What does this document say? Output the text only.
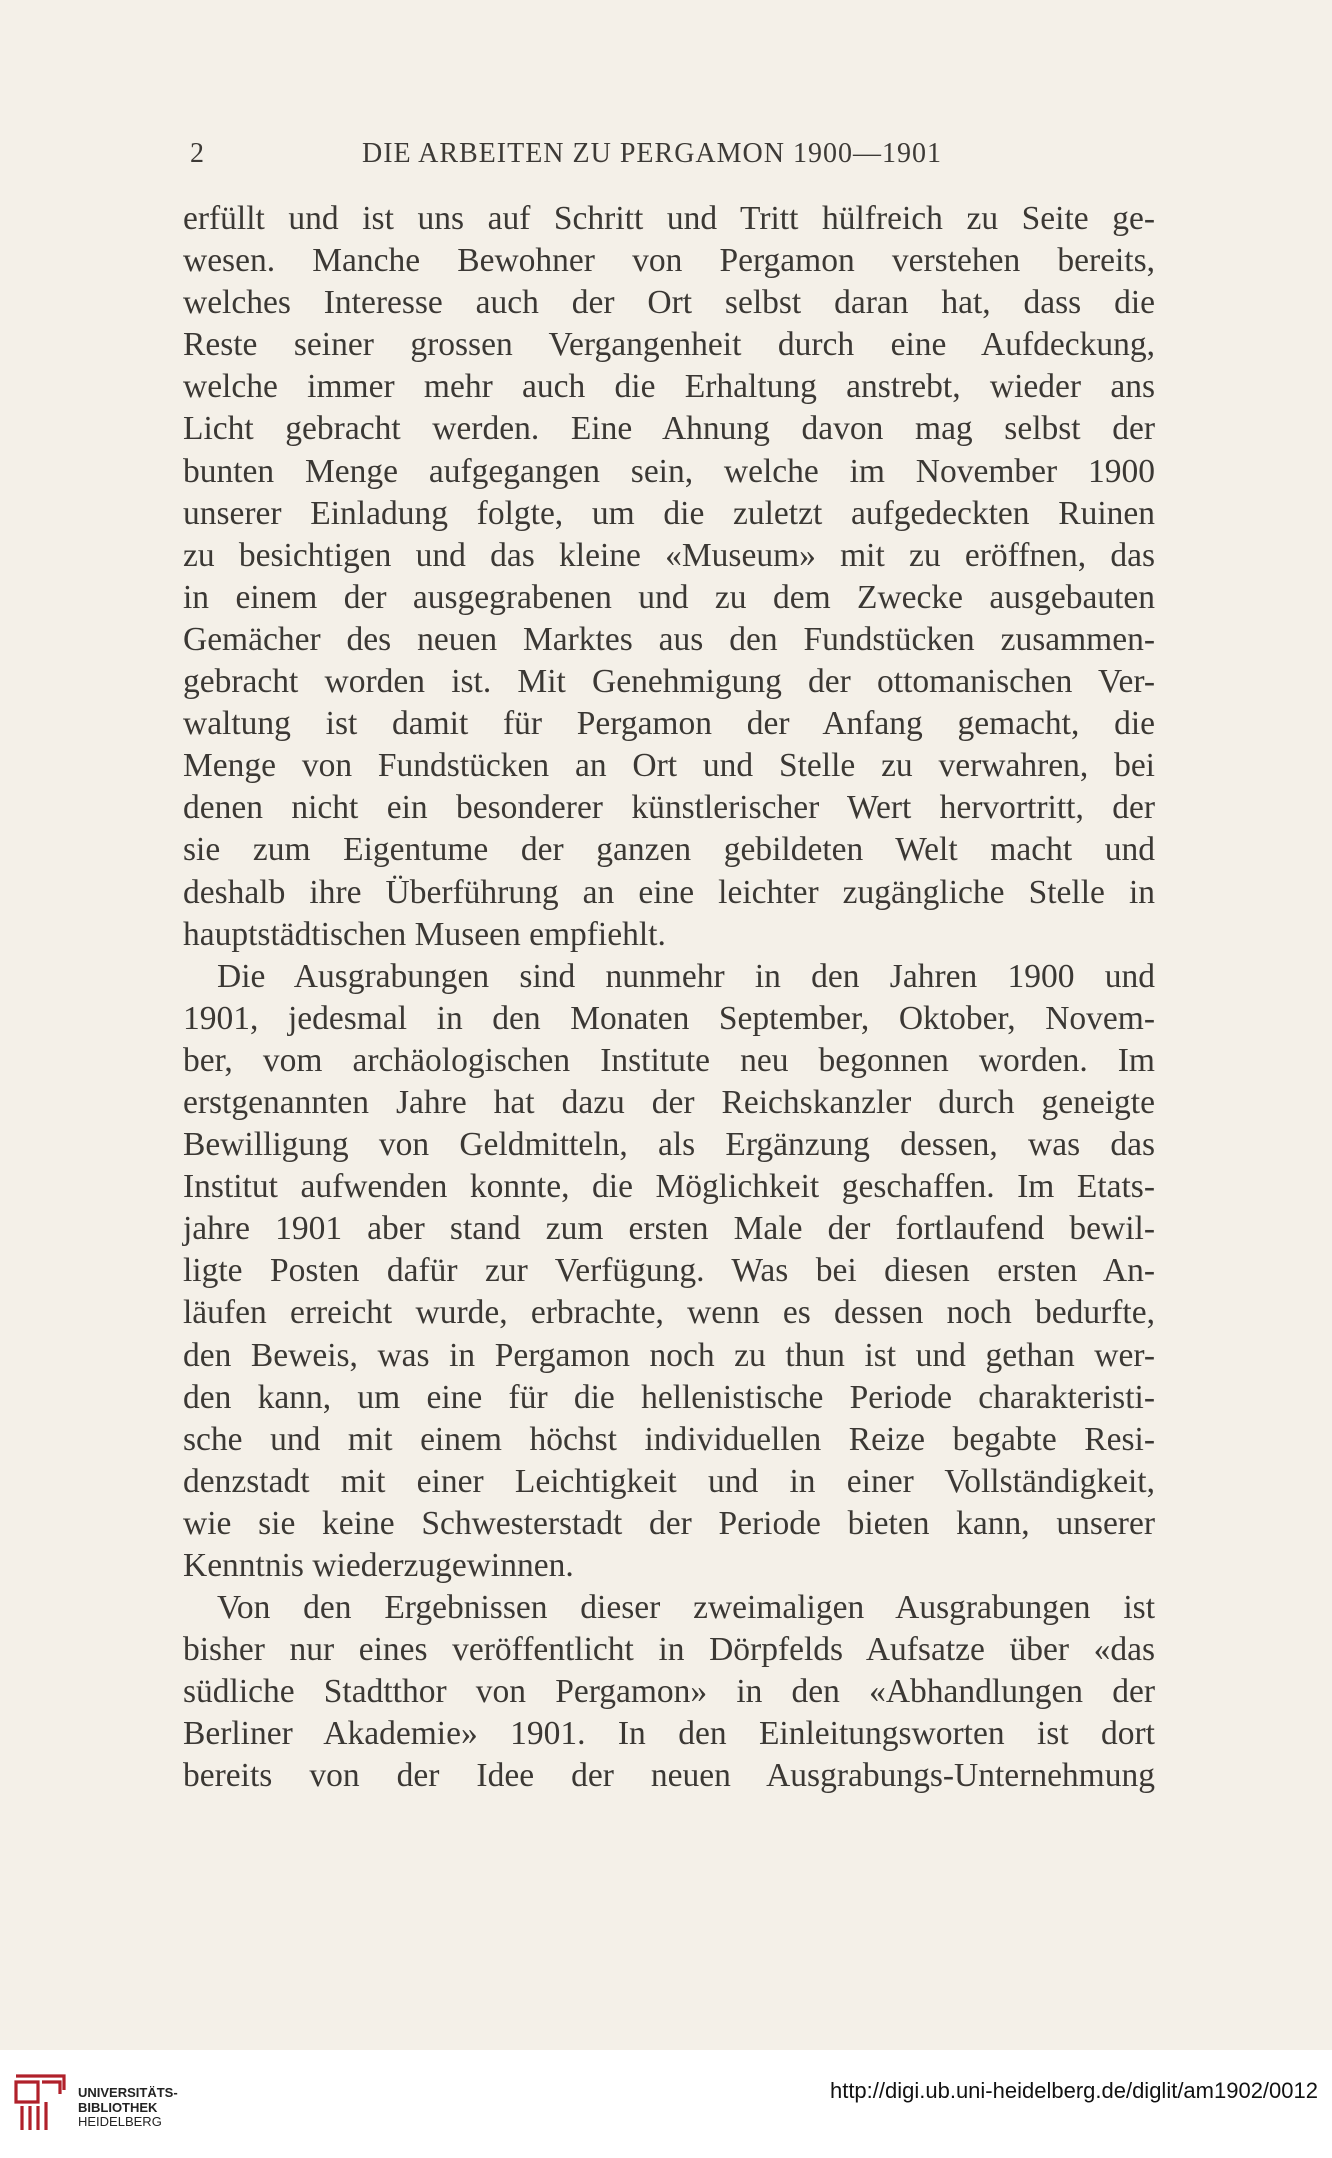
2	DIE ARBEITEN ZU PERGAMON 1900—1901
erfüllt und ist uns auf Schritt und Tritt hülfreich zu Seite ge-
wesen. Manche Bewohner von Pergamon verstehen bereits,
welches Interesse auch der Ort selbst daran hat, dass die
Reste seiner grossen Vergangenheit durch eine Aufdeckung,
welche immer mehr auch die Erhaltung anstrebt, wieder ans
Licht gebracht werden. Eine Ahnung davon mag selbst der
bunten Menge aufgegangen sein, welche im November 1900
unserer Einladung folgte, um die zuletzt aufgedeckten Ruinen
zu besichtigen und das kleine «Museum» mit zu eröffnen, das
in einem der ausgegrabenen und zu dem Zwecke ausgebauten
Gemächer des neuen Marktes aus den Fundstücken zusammen-
gebracht worden ist. Mit Genehmigung der ottomanischen Ver-
waltung ist damit für Pergamon der Anfang gemacht, die
Menge von Fundstücken an Ort und Stelle zu verwahren, bei
denen nicht ein besonderer künstlerischer Wert hervortritt, der
sie zum Eigentume der ganzen gebildeten Welt macht und
deshalb ihre Überführung an eine leichter zugängliche Stelle in
hauptstädtischen Museen empfiehlt.
Die Ausgrabungen sind nunmehr in den Jahren 1900 und
1901, jedesmal in den Monaten September, Oktober, Novem-
ber, vom archäologischen Institute neu begonnen worden. Im
erstgenannten Jahre hat dazu der Reichskanzler durch geneigte
Bewilligung von Geldmitteln, als Ergänzung dessen, was das
Institut aufwenden konnte, die Möglichkeit geschaffen. Im Etats-
jahre 1901 aber stand zum ersten Male der fortlaufend bewil-
ligte Posten dafür zur Verfügung. Was bei diesen ersten An-
läufen erreicht wurde, erbrachte, wenn es dessen noch bedurfte,
den Beweis, was in Pergamon noch zu thun ist und gethan wer-
den kann, um eine für die hellenistische Periode charakteristi-
sche und mit einem höchst individuellen Reize begabte Resi-
denzstadt mit einer Leichtigkeit und in einer Vollständigkeit,
wie sie keine Schwesterstadt der Periode bieten kann, unserer
Kenntnis wiederzugewinnen.
Von den Ergebnissen dieser zweimaligen Ausgrabungen ist
bisher nur eines veröffentlicht in Dörpfelds Aufsatze über «das
südliche Stadtthor von Pergamon» in den «Abhandlungen der
Berliner Akademie» 1901. In den Einleitungsworten ist dort
bereits von der Idee der neuen Ausgrabungs-Unternehmung
UNIVERSITÄTS-
BIBLIOTHEK
HEIDELBERG
http://digi.ub.uni-heidelberg.de/diglit/am1902/0012
